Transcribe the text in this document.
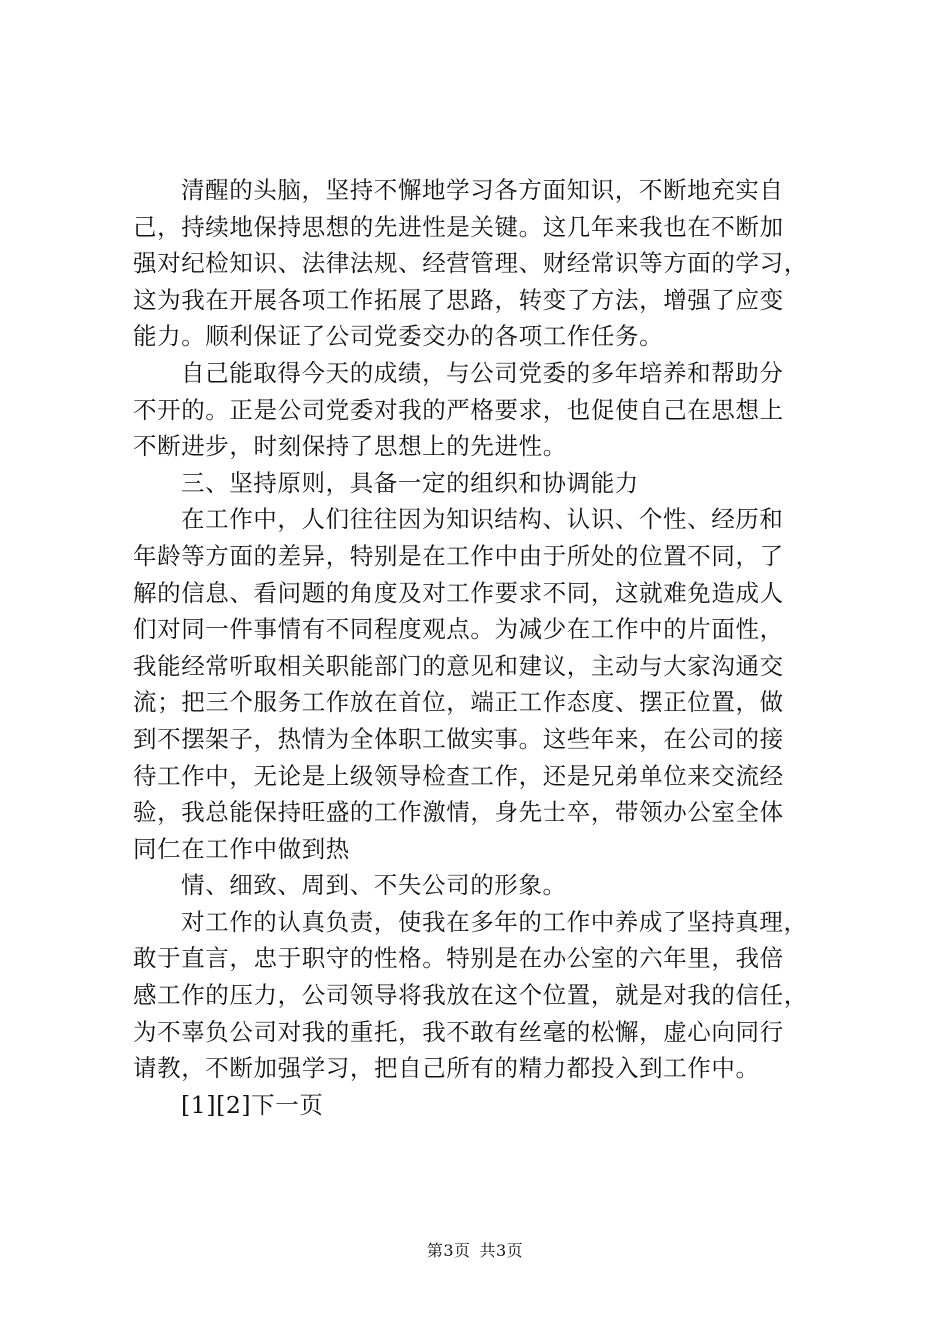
清醒的头脑，坚持不懈地学习各方面知识，不断地充实自
己，持续地保持思想的先进性是关键。这几年来我也在不断加
强对纪检知识、法律法规、经营管理、财经常识等方面的学习，
这为我在开展各项工作拓展了思路，转变了方法，增强了应变
能力。顺利保证了公司党委交办的各项工作任务。
自己能取得今天的成绩，与公司党委的多年培养和帮助分
不开的。正是公司党委对我的严格要求，也促使自己在思想上
不断进步，时刻保持了思想上的先进性。
三、坚持原则，具备一定的组织和协调能力
在工作中，人们往往因为知识结构、认识、个性、经历和
年龄等方面的差异，特别是在工作中由于所处的位置不同，了
解的信息、看问题的角度及对工作要求不同，这就难免造成人
们对同一件事情有不同程度观点。为减少在工作中的片面性，
我能经常听取相关职能部门的意见和建议，主动与大家沟通交
流；把三个服务工作放在首位，端正工作态度、摆正位置，做
到不摆架子，热情为全体职工做实事。这些年来，在公司的接
待工作中，无论是上级领导检查工作，还是兄弟单位来交流经
验，我总能保持旺盛的工作激情，身先士卒，带领办公室全体
同仁在工作中做到热
情、细致、周到、不失公司的形象。
对工作的认真负责，使我在多年的工作中养成了坚持真理，
敢于直言，忠于职守的性格。特别是在办公室的六年里，我倍
感工作的压力，公司领导将我放在这个位置，就是对我的信任，
为不辜负公司对我的重托，我不敢有丝毫的松懈，虚心向同行
请教，不断加强学习，把自己所有的精力都投入到工作中。
[1][2]下一页
第3页 共3页
